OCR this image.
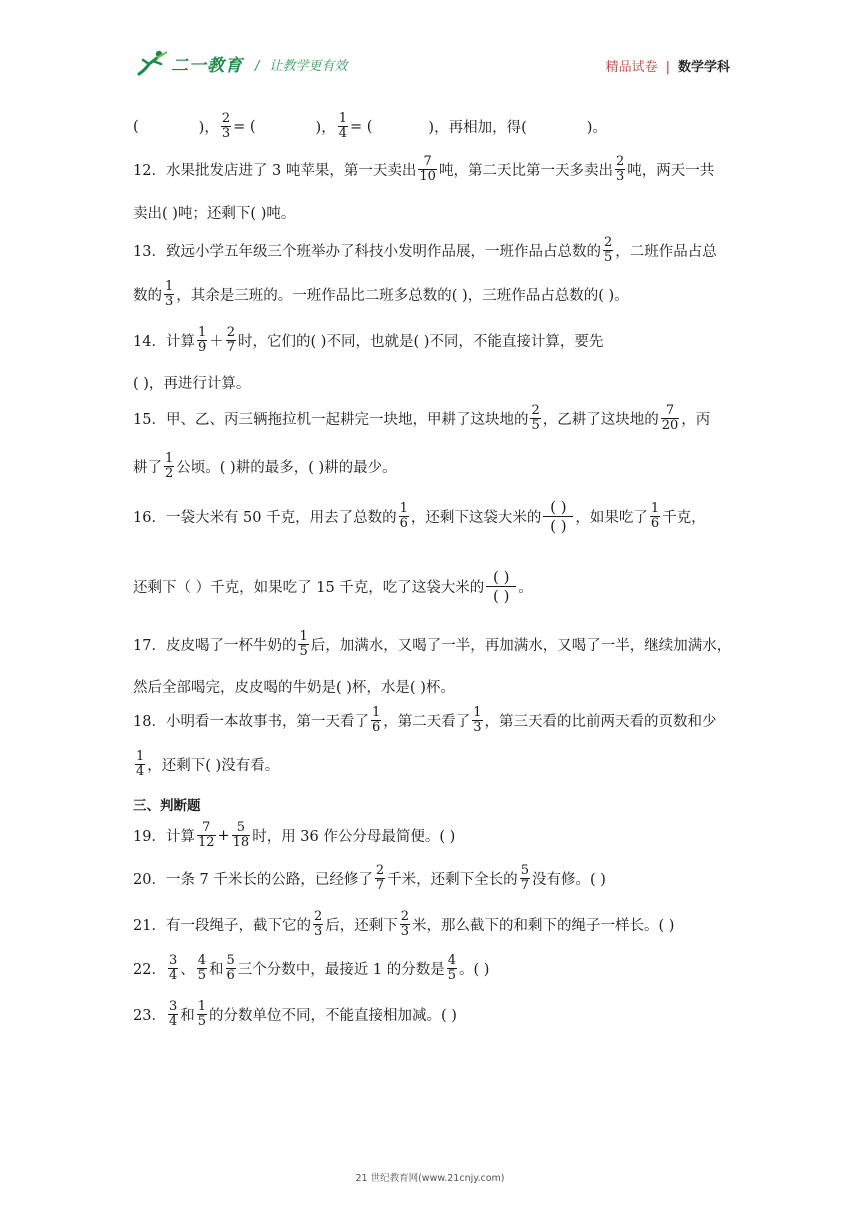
二一教育 / 让教学更有效	精品试卷 | 数学学科
(	)， $\frac{2}{3}$ = (	)， $\frac{1}{4}$ = (	)，再相加，得(	)。
12．水果批发店进了 3 吨苹果，第一天卖出 $\frac{7}{10}$ 吨，第二天比第一天多卖出 $\frac{2}{3}$ 吨，两天一共
卖出( )吨；还剩下( )吨。
13．致远小学五年级三个班举办了科技小发明作品展，一班作品占总数的 $\frac{2}{5}$ ，二班作品占总
数的 $\frac{1}{3}$ ，其余是三班的。一班作品比二班多总数的( )，三班作品占总数的( )。
14．计算 $\frac{1}{9} + \frac{2}{7}$ 时，它们的( )不同，也就是( )不同，不能直接计算，要先
( )，再进行计算。
15．甲、乙、丙三辆拖拉机一起耕完一块地，甲耕了这块地的 $\frac{2}{5}$ ，乙耕了这块地的 $\frac{7}{20}$ ，丙
耕了 $\frac{1}{2}$ 公顷。( )耕的最多，( )耕的最少。
16．一袋大米有 50 千克，用去了总数的 $\frac{1}{6}$ ，还剩下这袋大米的 $\frac{( )}{( )}$ ，如果吃了 $\frac{1}{6}$ 千克，
还剩下（ ）千克，如果吃了 15 千克，吃了这袋大米的 $\frac{( )}{( )}$ 。
17．皮皮喝了一杯牛奶的 $\frac{1}{5}$ 后，加满水，又喝了一半，再加满水，又喝了一半，继续加满水，
然后全部喝完，皮皮喝的牛奶是( )杯，水是( )杯。
18．小明看一本故事书，第一天看了 $\frac{1}{6}$ ，第二天看了 $\frac{1}{3}$ ，第三天看的比前两天看的页数和少
$\frac{1}{4}$ ，还剩下( )没有看。
三、判断题
19．计算 $\frac{7}{12} + \frac{5}{18}$ 时，用 36 作公分母最简便。( )
20．一条 7 千米长的公路，已经修了 $\frac{2}{7}$ 千米，还剩下全长的 $\frac{5}{7}$ 没有修。( )
21．有一段绳子，截下它的 $\frac{2}{3}$ 后，还剩下 $\frac{2}{3}$ 米，那么截下的和剩下的绳子一样长。( )
22． $\frac{3}{4}$ 、 $\frac{4}{5}$ 和 $\frac{5}{6}$ 三个分数中，最接近 1 的分数是 $\frac{4}{5}$ 。( )
23． $\frac{3}{4}$ 和 $\frac{1}{5}$ 的分数单位不同，不能直接相加减。( )
21 世纪教育网(www.21cnjy.com)
